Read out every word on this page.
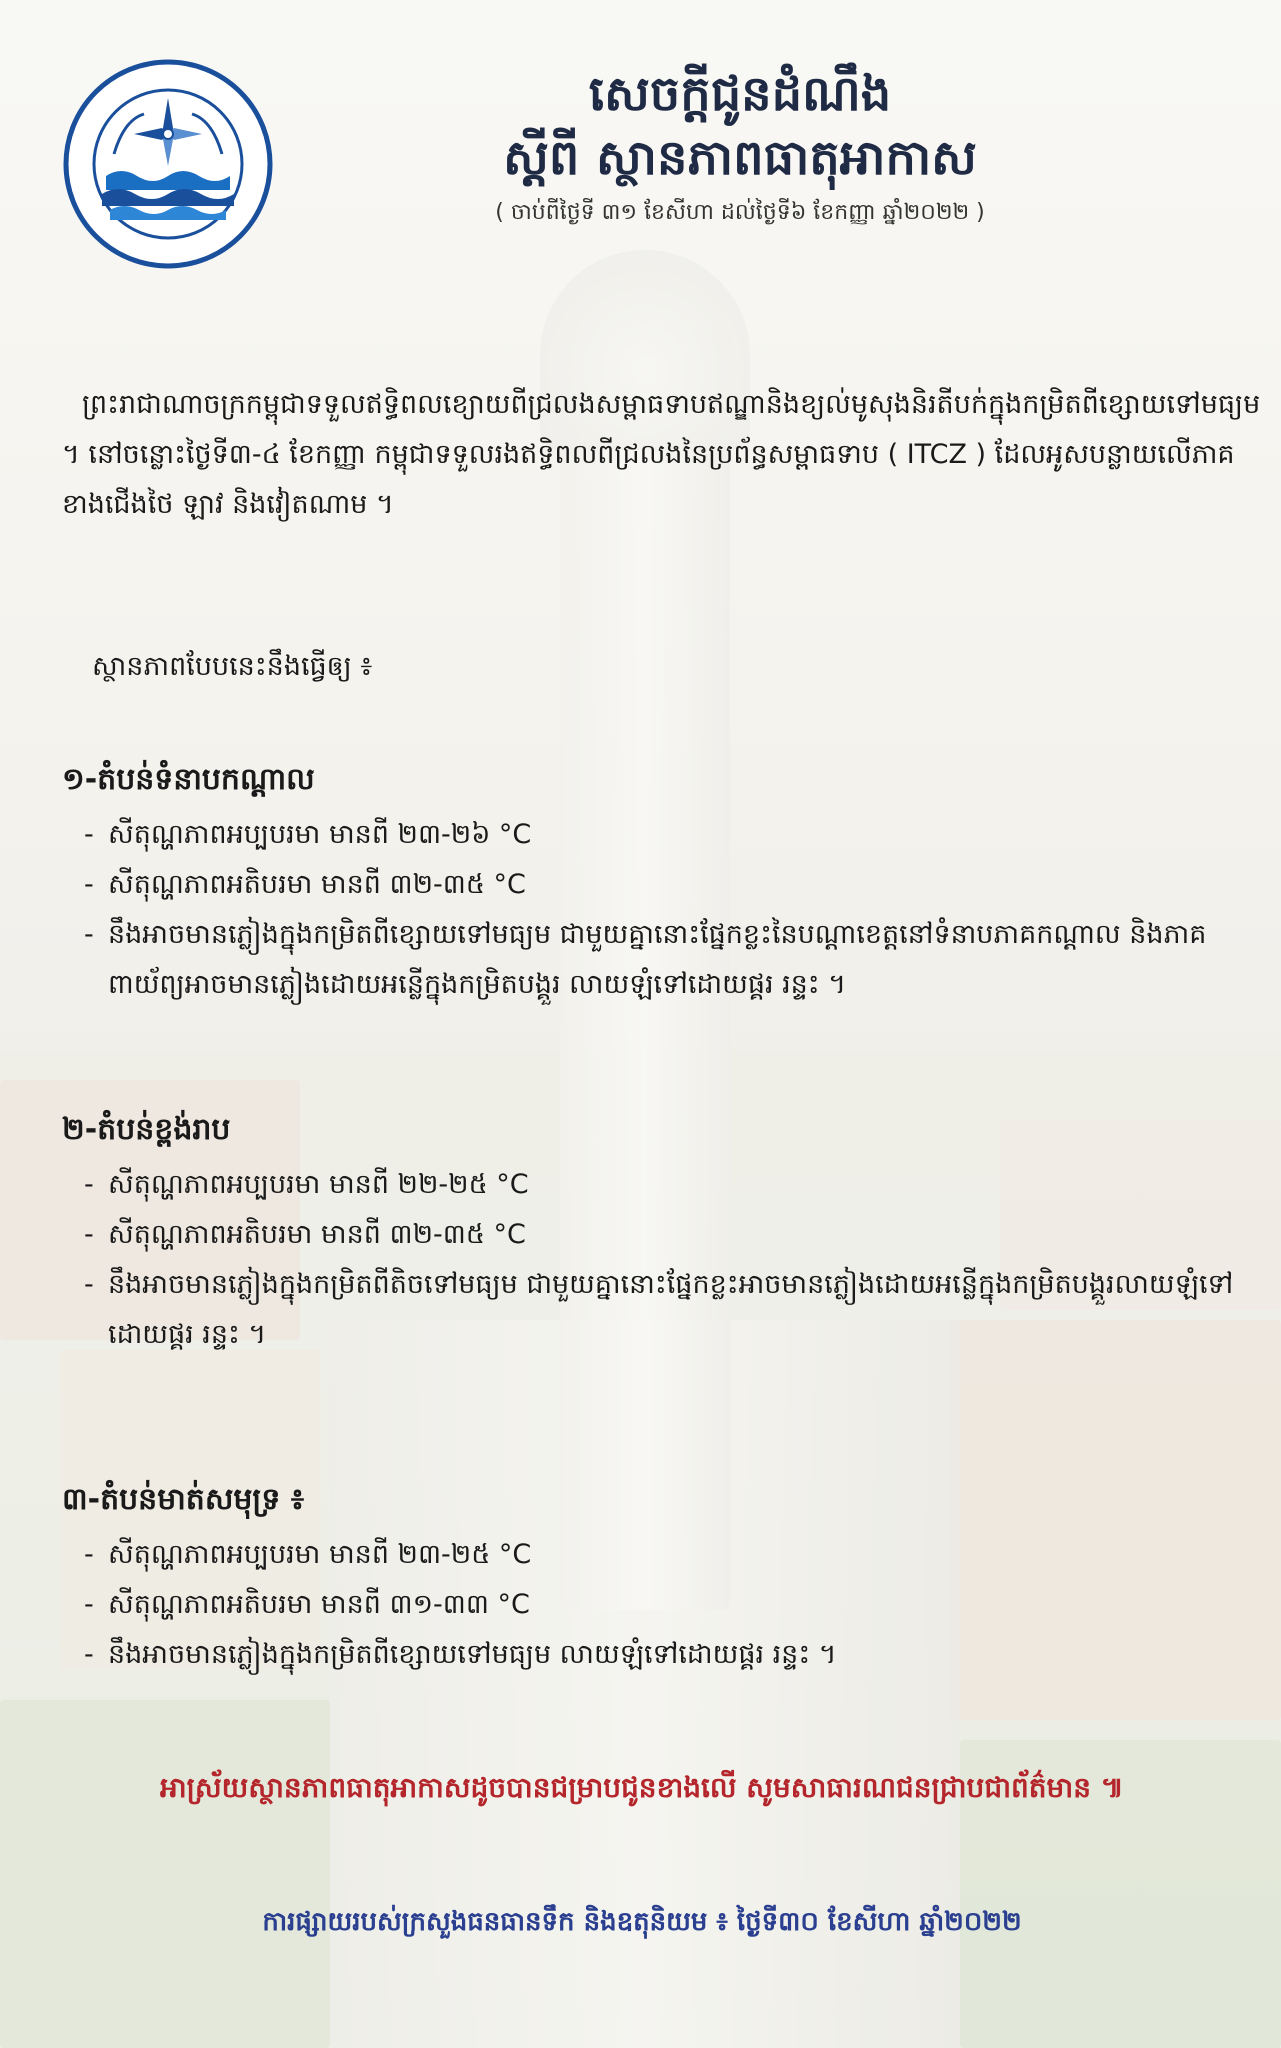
សេចក្តីជូនដំណឹង
ស្តីពី ស្ថានភាពធាតុអាកាស
( ចាប់ពីថ្ងៃទី ៣១ ខែសីហា ដល់ថ្ងៃទី៦ ខែកញ្ញា ឆ្នាំ២០២២ )
ព្រះរាជាណាចក្រកម្ពុជាទទួលឥទ្ធិពលខ្យោយពីជ្រលងសម្ពាធទាបឥណ្ឌានិងខ្យល់មូសុងនិរតីបក់ក្នុងកម្រិតពីខ្សោយទៅមធ្យម ។ នៅចន្លោះថ្ងៃទី៣-៤ ខែកញ្ញា កម្ពុជាទទួលរងឥទ្ធិពលពីជ្រលងនៃប្រព័ន្ធសម្ពាធទាប ( ITCZ ) ដែលអូសបន្លាយលើភាគខាងជើងថៃ ឡាវ និងវៀតណាម ។
ស្ថានភាពបែបនេះនឹងធ្វើឲ្យ ៖
១-តំបន់ទំនាបកណ្តាល
- សីតុណ្ហភាពអប្បបរមា មានពី ២៣-២៦ °C
- សីតុណ្ហភាពអតិបរមា មានពី ៣២-៣៥ °C
- នឹងអាចមានភ្លៀងក្នុងកម្រិតពីខ្សោយទៅមធ្យម ជាមួយគ្នានោះផ្នែកខ្លះនៃបណ្តាខេត្តនៅទំនាបភាគកណ្តាល និងភាគពាយ័ព្យអាចមានភ្លៀងដោយអន្លើក្នុងកម្រិតបង្គួរ លាយឡំទៅដោយផ្គរ រន្ទះ ។
២-តំបន់ខ្ពង់រាប
- សីតុណ្ហភាពអប្បបរមា មានពី ២២-២៥ °C
- សីតុណ្ហភាពអតិបរមា មានពី ៣២-៣៥ °C
- នឹងអាចមានភ្លៀងក្នុងកម្រិតពីតិចទៅមធ្យម ជាមួយគ្នានោះផ្នែកខ្លះអាចមានភ្លៀងដោយអន្លើក្នុងកម្រិតបង្គួរលាយឡំទៅដោយផ្គរ រន្ទះ ។
៣-តំបន់មាត់សមុទ្រ ៖
- សីតុណ្ហភាពអប្បបរមា មានពី ២៣-២៥ °C
- សីតុណ្ហភាពអតិបរមា មានពី ៣១-៣៣ °C
- នឹងអាចមានភ្លៀងក្នុងកម្រិតពីខ្សោយទៅមធ្យម លាយឡំទៅដោយផ្គរ រន្ទះ ។
អាស្រ័យស្ថានភាពធាតុអាកាសដូចបានជម្រាបជូនខាងលើ សូមសាធារណជនជ្រាបជាព័ត៌មាន ៕
ការផ្សាយរបស់ក្រសួងធនធានទឹក និងឧតុនិយម ៖ ថ្ងៃទី៣០ ខែសីហា ឆ្នាំ២០២២
